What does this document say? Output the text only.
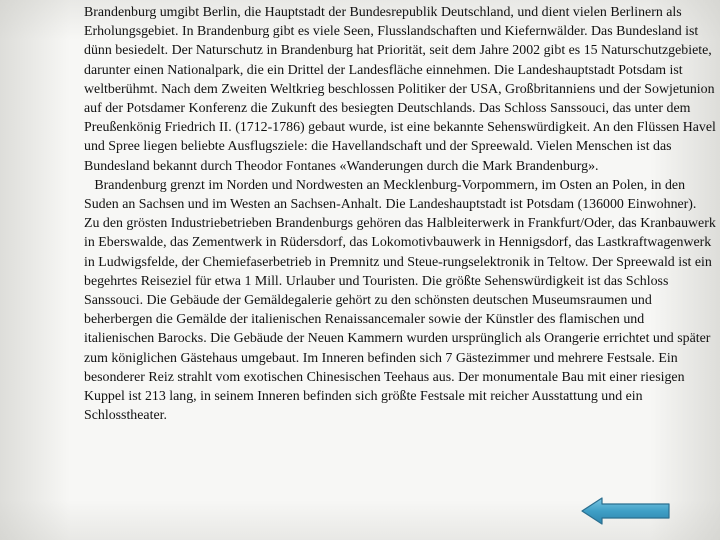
Brandenburg umgibt Berlin, die Hauptstadt der Bundesrepublik Deutschland, und dient vielen Berlinern als Erholungsgebiet. In Brandenburg gibt es viele Seen, Flusslandschaften und Kiefernwälder. Das Bundesland ist dünn besiedelt. Der Naturschutz in Brandenburg hat Priorität, seit dem Jahre 2002 gibt es 15 Naturschutzgebiete, darunter einen Nationalpark, die ein Drittel der Landesfläche einnehmen. Die Landeshauptstadt Potsdam ist weltberühmt. Nach dem Zweiten Weltkrieg beschlossen Politiker der USA, Großbritanniens und der Sowjetunion auf der Potsdamer Konferenz die Zukunft des besiegten Deutschlands. Das Schloss Sanssouci, das unter dem Preußenkönig Friedrich II. (1712-1786) gebaut wurde, ist eine bekannte Sehenswürdigkeit. An den Flüssen Havel und Spree liegen beliebte Ausflugsziele: die Havellandschaft und der Spreewald. Vielen Menschen ist das Bundesland bekannt durch Theodor Fontanes «Wanderungen durch die Mark Brandenburg».

Brandenburg grenzt im Norden und Nordwesten an Mecklenburg-Vorpommern, im Osten an Polen, in den Suden an Sachsen und im Westen an Sachsen-Anhalt. Die Landeshauptstadt ist Potsdam (136000 Einwohner).

Zu den grösten Industriebetrieben Brandenburgs gehören das Halbleiterwerk in Frankfurt/Oder, das Kranbauwerk in Eberswalde, das Zementwerk in Rüdersdorf, das Lokomotivbauwerk in Hennigsdorf, das Lastkraftwagenwerk in Ludwigsfelde, der Chemiefaserbetrieb in Premnitz und Steue-rungselektronik in Teltow. Der Spreewald ist ein begehrtes Reiseziel für etwa 1 Mill. Urlauber und Touristen. Die größte Sehenswürdigkeit ist das Schloss Sanssouci. Die Gebäude der Gemäldegalerie gehört zu den schönsten deutschen Museumsraumen und beherbergen die Gemälde der italienischen Renaissancemaler sowie der Künstler des flamischen und italienischen Barocks. Die Gebäude der Neuen Kammern wurden ursprünglich als Orangerie errichtet und später zum königlichen Gästehaus umgebaut. Im Inneren befinden sich 7 Gästezimmer und mehrere Festsale. Ein besonderer Reiz strahlt vom exotischen Chinesischen Teehaus aus. Der monumentale Bau mit einer riesigen Kuppel ist 213 lang, in seinem Inneren befinden sich größte Festsale mit reicher Ausstattung und ein Schlosstheater.
